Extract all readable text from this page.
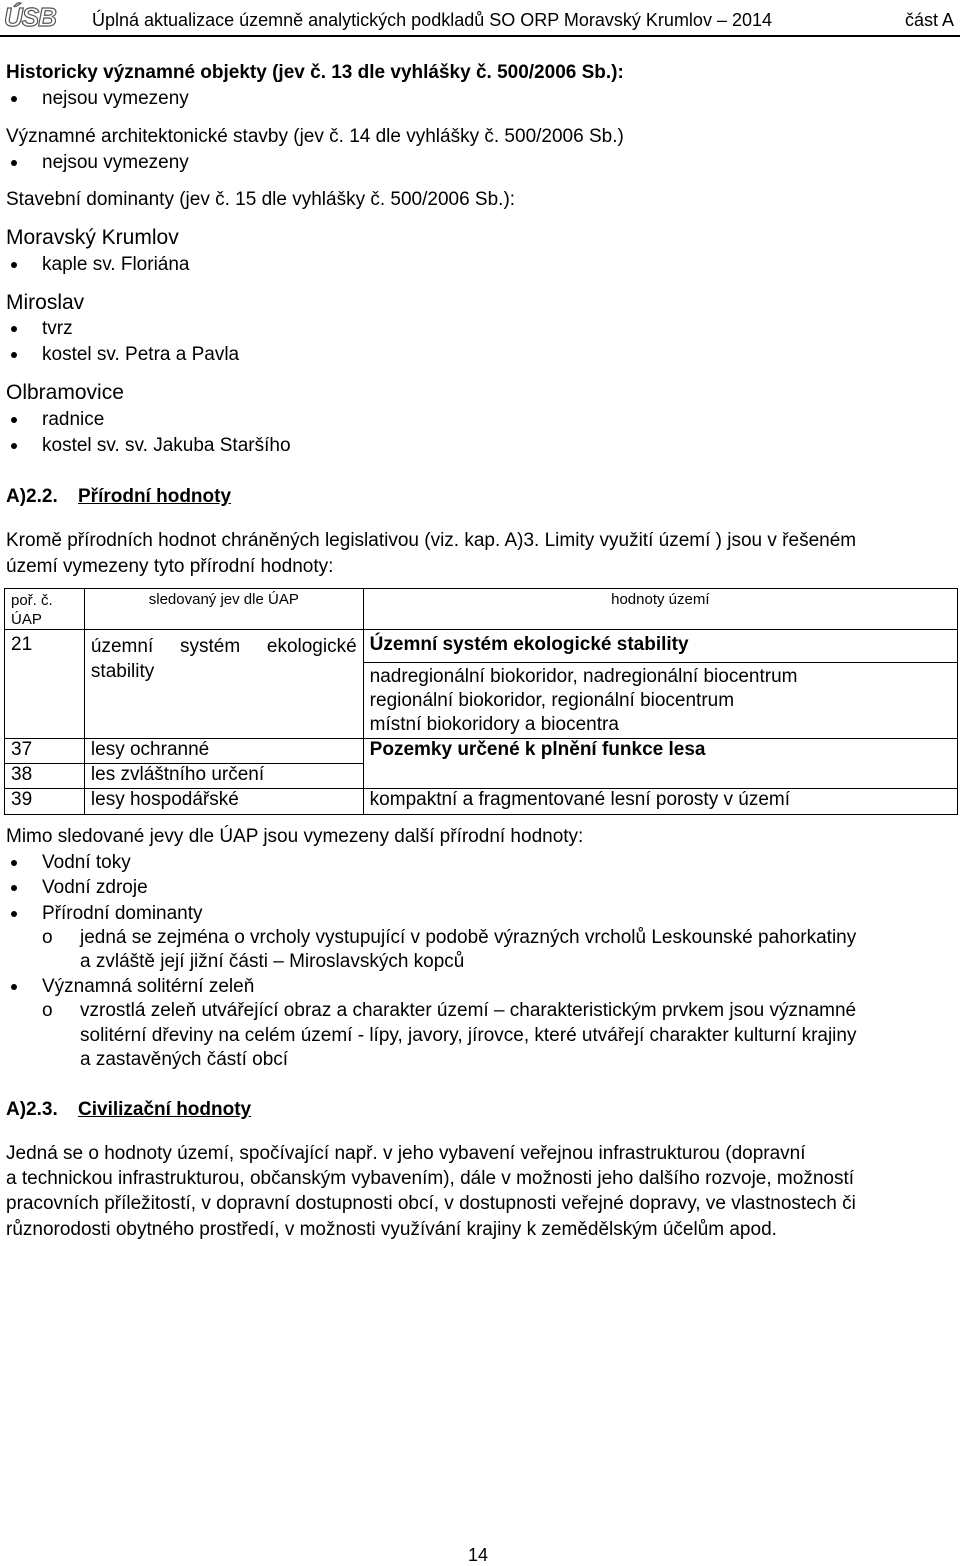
ÚSB	Úplná aktualizace územně analytických podkladů SO ORP Moravský Krumlov – 2014	část A
Historicky významné objekty (jev č. 13 dle vyhlášky č. 500/2006 Sb.):
nejsou vymezeny
Významné architektonické stavby (jev č. 14 dle vyhlášky č. 500/2006 Sb.)
nejsou vymezeny
Stavební dominanty (jev č. 15 dle vyhlášky č. 500/2006 Sb.):
Moravský Krumlov
kaple sv. Floriána
Miroslav
tvrz
kostel sv. Petra a Pavla
Olbramovice
radnice
kostel sv. sv. Jakuba Staršího
A)2.2. Přírodní hodnoty
Kromě přírodních hodnot chráněných legislativou (viz. kap. A)3. Limity využití území ) jsou v řešeném
území vymezeny tyto přírodní hodnoty:
poř. č. ÚAP	sledovaný jev dle ÚAP	hodnoty území
21	územní systém ekologické stability	Územní systém ekologické stability

		nadregionální biokoridor, nadregionální biocentrum
regionální biokoridor, regionální biocentrum
místní biokoridory a biocentra

37	lesy ochranné	Pozemky určené k plnění funkce lesa
38	les zvláštního určení	
39	lesy hospodářské	kompaktní a fragmentované lesní porosty v území
Mimo sledované jevy dle ÚAP jsou vymezeny další přírodní hodnoty:
Vodní toky
Vodní zdroje
Přírodní dominanty
o jedná se zejména o vrcholy vystupující v podobě výrazných vrcholů Leskounské pahorkatiny
a zvláště její jižní části – Miroslavských kopců
Významná solitérní zeleň
o vzrostlá zeleň utvářející obraz a charakter území – charakteristickým prvkem jsou významné
solitérní dřeviny na celém území - lípy, javory, jírovce, které utvářejí charakter kulturní krajiny
a zastavěných částí obcí
A)2.3. Civilizační hodnoty
Jedná se o hodnoty území, spočívající např. v jeho vybavení veřejnou infrastrukturou (dopravní
a technickou infrastrukturou, občanským vybavením), dále v možnosti jeho dalšího rozvoje, možností
pracovních příležitostí, v dopravní dostupnosti obcí, v dostupnosti veřejné dopravy, ve vlastnostech či
různorodosti obytného prostředí, v možnosti využívání krajiny k zemědělským účelům apod.
14
